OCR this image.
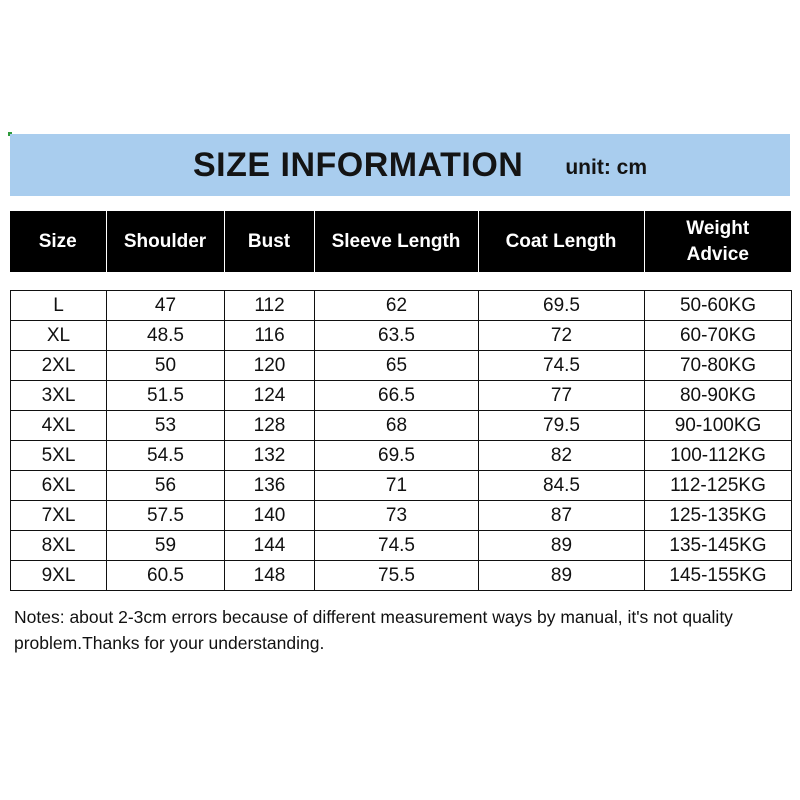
SIZE INFORMATION unit: cm
Size	Shoulder	Bust	Sleeve Length	Coat Length	Weight
Advice
L	47	112	62	69.5	50-60KG
XL	48.5	116	63.5	72	60-70KG
2XL	50	120	65	74.5	70-80KG
3XL	51.5	124	66.5	77	80-90KG
4XL	53	128	68	79.5	90-100KG
5XL	54.5	132	69.5	82	100-112KG
6XL	56	136	71	84.5	112-125KG
7XL	57.5	140	73	87	125-135KG
8XL	59	144	74.5	89	135-145KG
9XL	60.5	148	75.5	89	145-155KG
Notes: about 2-3cm errors because of different measurement ways by manual, it's not quality problem.Thanks for your understanding.
